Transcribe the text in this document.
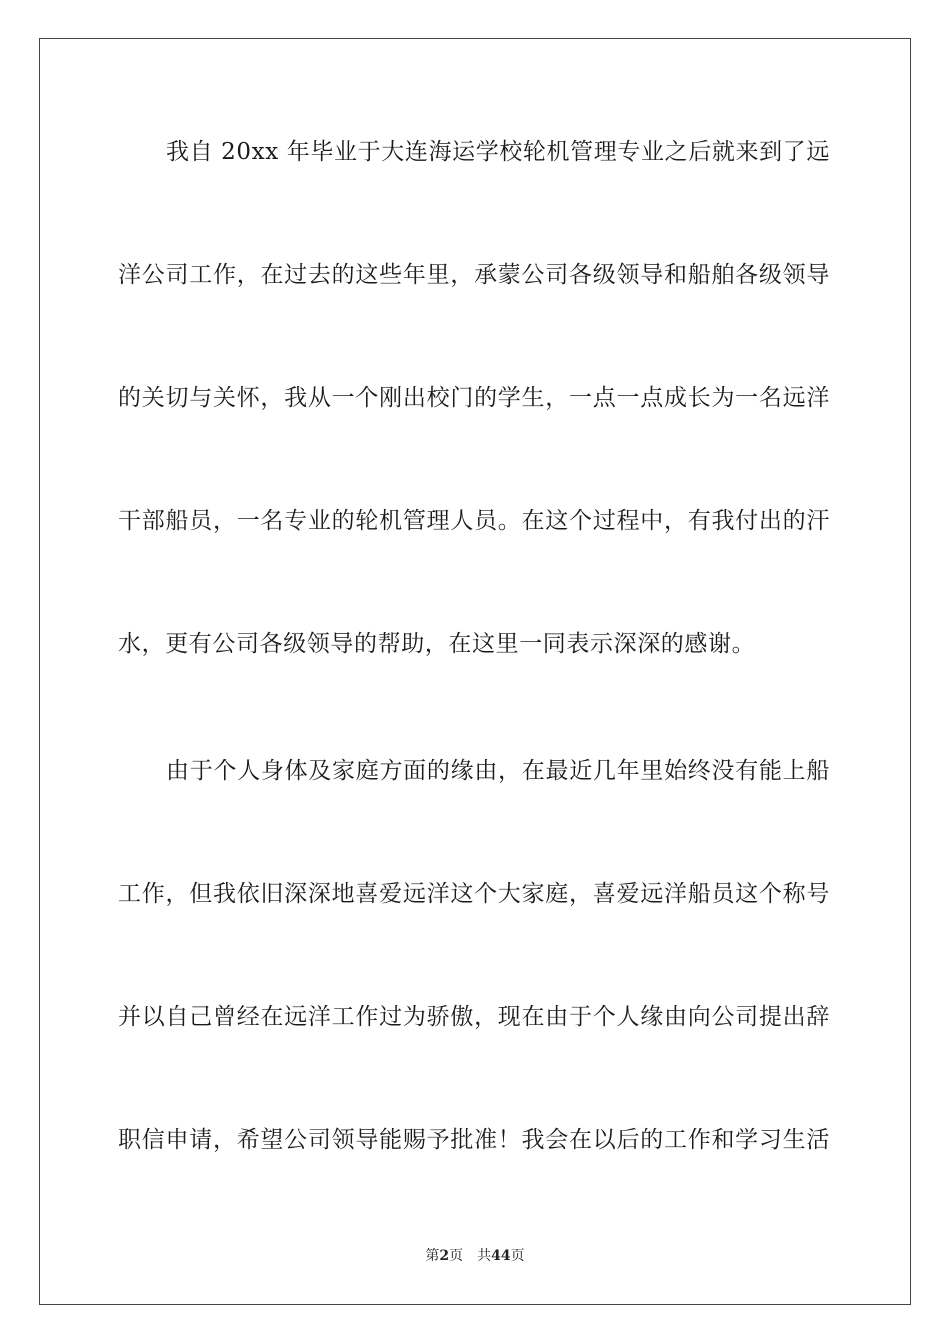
我自 20xx 年毕业于大连海运学校轮机管理专业之后就来到了远
洋公司工作，在过去的这些年里，承蒙公司各级领导和船舶各级领导
的关切与关怀，我从一个刚出校门的学生，一点一点成长为一名远洋
干部船员，一名专业的轮机管理人员。在这个过程中，有我付出的汗
水，更有公司各级领导的帮助，在这里一同表示深深的感谢。
由于个人身体及家庭方面的缘由，在最近几年里始终没有能上船
工作，但我依旧深深地喜爱远洋这个大家庭，喜爱远洋船员这个称号
并以自己曾经在远洋工作过为骄傲，现在由于个人缘由向公司提出辞
职信申请，希望公司领导能赐予批准！我会在以后的工作和学习生活
第2页 共44页
